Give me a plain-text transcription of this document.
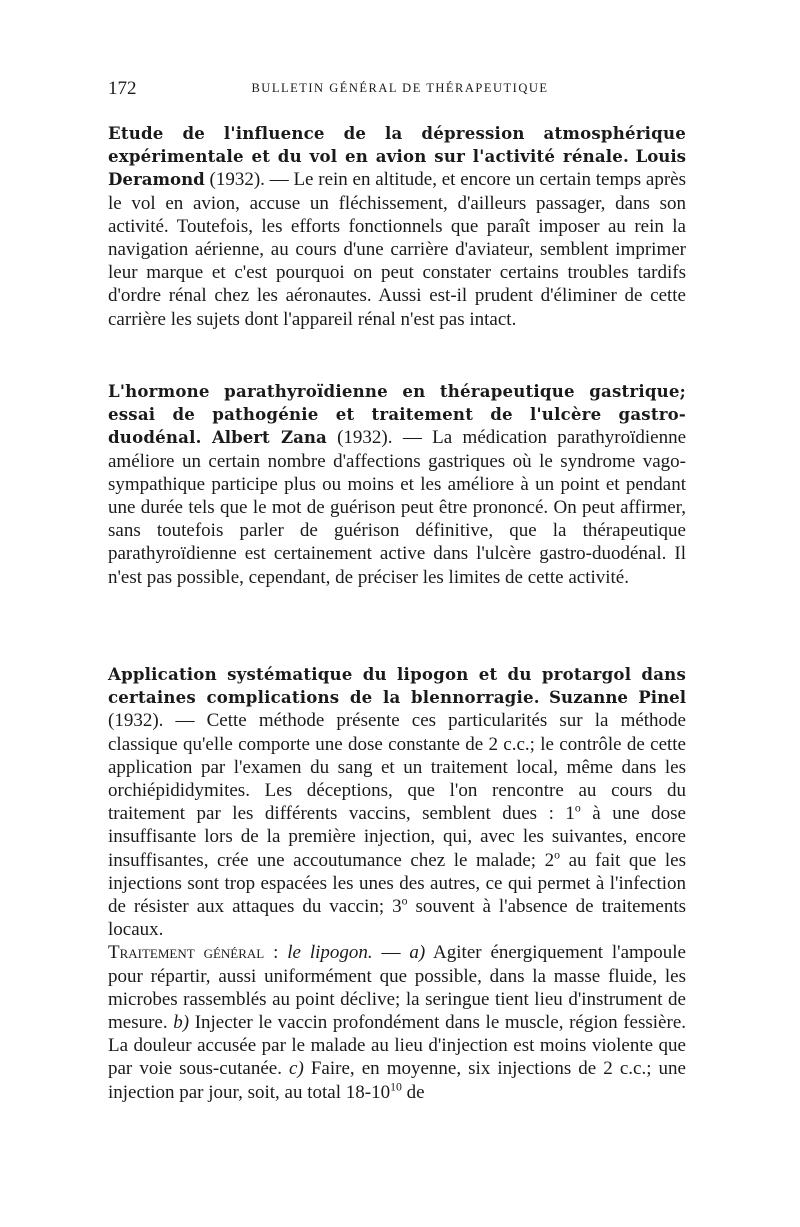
172	BULLETIN GÉNÉRAL DE THÉRAPEUTIQUE

Etude de l'influence de la dépression atmosphérique expérimentale et du vol en avion sur l'activité rénale. Louis Deramond (1932). — Le rein en altitude, et encore un certain temps après le vol en avion, accuse un fléchissement, d'ailleurs passager, dans son activité. Toutefois, les efforts fonctionnels que paraît imposer au rein la navigation aérienne, au cours d'une carrière d'aviateur, semblent imprimer leur marque et c'est pourquoi on peut constater certains troubles tardifs d'ordre rénal chez les aéronautes. Aussi est-il prudent d'éliminer de cette carrière les sujets dont l'appareil rénal n'est pas intact.

L'hormone parathyroïdienne en thérapeutique gastrique; essai de pathogénie et traitement de l'ulcère gastro-duodénal. Albert Zana (1932). — La médication parathyroïdienne améliore un certain nombre d'affections gastriques où le syndrome vago-sympathique participe plus ou moins et les améliore à un point et pendant une durée tels que le mot de guérison peut être prononcé. On peut affirmer, sans toutefois parler de guérison définitive, que la thérapeutique parathyroïdienne est certainement active dans l'ulcère gastro-duodénal. Il n'est pas possible, cependant, de préciser les limites de cette activité.

Application systématique du lipogon et du protargol dans certaines complications de la blennorragie. Suzanne Pinel (1932). — Cette méthode présente ces particularités sur la méthode classique qu'elle comporte une dose constante de 2 c.c.; le contrôle de cette application par l'examen du sang et un traitement local, même dans les orchiépididymites. Les déceptions, que l'on rencontre au cours du traitement par les différents vaccins, semblent dues : 1$^o$ à une dose insuffisante lors de la première injection, qui, avec les suivantes, encore insuffisantes, crée une accoutumance chez le malade; 2$^o$ au fait que les injections sont trop espacées les unes des autres, ce qui permet à l'infection de résister aux attaques du vaccin; 3$^o$ souvent à l'absence de traitements locaux.

Traitement général : le lipogon. — a) Agiter énergiquement l'ampoule pour répartir, aussi uniformément que possible, dans la masse fluide, les microbes rassemblés au point déclive; la seringue tient lieu d'instrument de mesure. b) Injecter le vaccin profondément dans le muscle, région fessière. La douleur accusée par le malade au lieu d'injection est moins violente que par voie sous-cutanée. c) Faire, en moyenne, six injections de 2 c.c.; une injection par jour, soit, au total $18-10^{10}$ de
